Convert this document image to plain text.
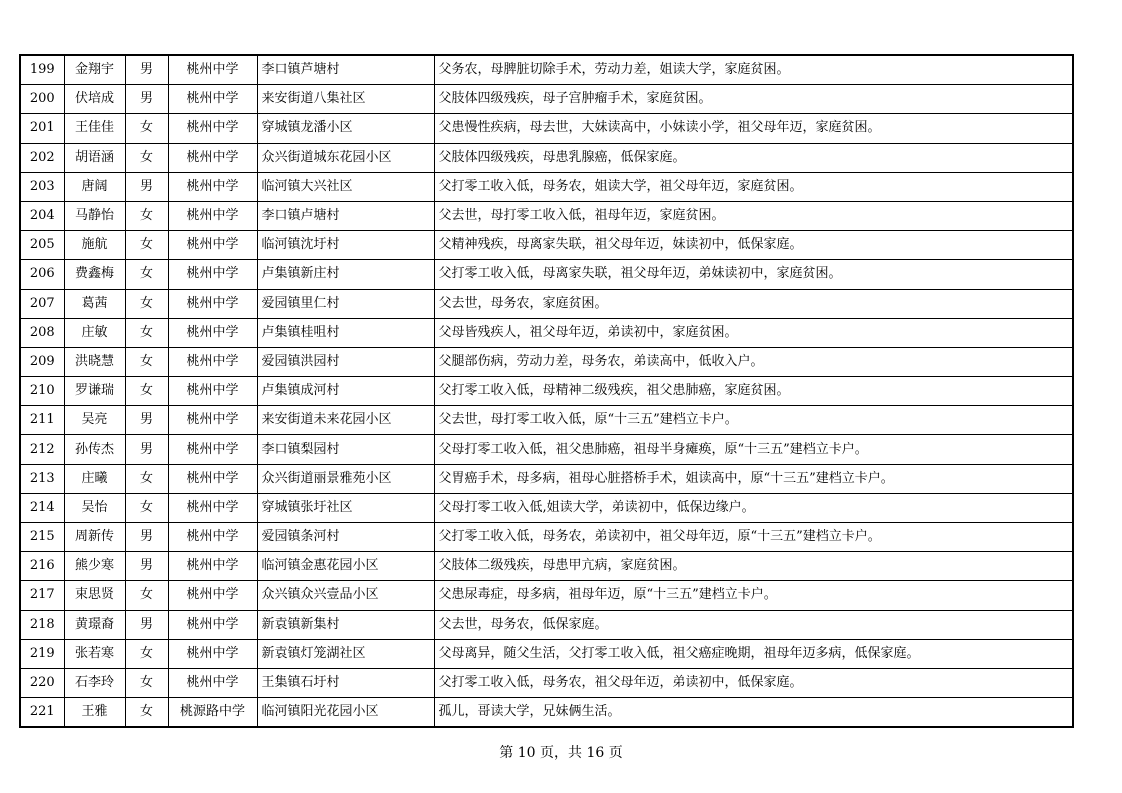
199	金翔宇	男	桃州中学	李口镇芦塘村	父务农，母脾脏切除手术，劳动力差，姐读大学，家庭贫困。
200	伏培成	男	桃州中学	来安街道八集社区	父肢体四级残疾，母子宫肿瘤手术，家庭贫困。
201	王佳佳	女	桃州中学	穿城镇龙潘小区	父患慢性疾病，母去世，大妹读高中，小妹读小学，祖父母年迈，家庭贫困。
202	胡语涵	女	桃州中学	众兴街道城东花园小区	父肢体四级残疾，母患乳腺癌，低保家庭。
203	唐阔	男	桃州中学	临河镇大兴社区	父打零工收入低，母务农，姐读大学，祖父母年迈，家庭贫困。
204	马静怡	女	桃州中学	李口镇卢塘村	父去世，母打零工收入低，祖母年迈，家庭贫困。
205	施航	女	桃州中学	临河镇沈圩村	父精神残疾，母离家失联，祖父母年迈，妹读初中，低保家庭。
206	费鑫梅	女	桃州中学	卢集镇新庄村	父打零工收入低，母离家失联，祖父母年迈，弟妹读初中，家庭贫困。
207	葛茜	女	桃州中学	爱园镇里仁村	父去世，母务农，家庭贫困。
208	庄敏	女	桃州中学	卢集镇桂咀村	父母皆残疾人，祖父母年迈，弟读初中，家庭贫困。
209	洪晓慧	女	桃州中学	爱园镇洪园村	父腿部伤病，劳动力差，母务农，弟读高中，低收入户。
210	罗谦瑞	女	桃州中学	卢集镇成河村	父打零工收入低，母精神二级残疾，祖父患肺癌，家庭贫困。
211	吴亮	男	桃州中学	来安街道未来花园小区	父去世，母打零工收入低，原“十三五”建档立卡户。
212	孙传杰	男	桃州中学	李口镇梨园村	父母打零工收入低，祖父患肺癌，祖母半身瘫痪，原“十三五”建档立卡户。
213	庄曦	女	桃州中学	众兴街道丽景雅苑小区	父胃癌手术，母多病，祖母心脏搭桥手术，姐读高中，原“十三五”建档立卡户。
214	吴怡	女	桃州中学	穿城镇张圩社区	父母打零工收入低,姐读大学，弟读初中，低保边缘户。
215	周新传	男	桃州中学	爱园镇条河村	父打零工收入低，母务农，弟读初中，祖父母年迈，原“十三五”建档立卡户。
216	熊少寒	男	桃州中学	临河镇金惠花园小区	父肢体二级残疾，母患甲亢病，家庭贫困。
217	束思贤	女	桃州中学	众兴镇众兴壹品小区	父患尿毒症，母多病，祖母年迈，原“十三五”建档立卡户。
218	黄璟裔	男	桃州中学	新袁镇新集村	父去世，母务农，低保家庭。
219	张若寒	女	桃州中学	新袁镇灯笼湖社区	父母离异，随父生活，父打零工收入低，祖父癌症晚期，祖母年迈多病，低保家庭。
220	石李玲	女	桃州中学	王集镇石圩村	父打零工收入低，母务农，祖父母年迈，弟读初中，低保家庭。
221	王雅	女	桃源路中学	临河镇阳光花园小区	孤儿，哥读大学，兄妹俩生活。
第 10 页，共 16 页
